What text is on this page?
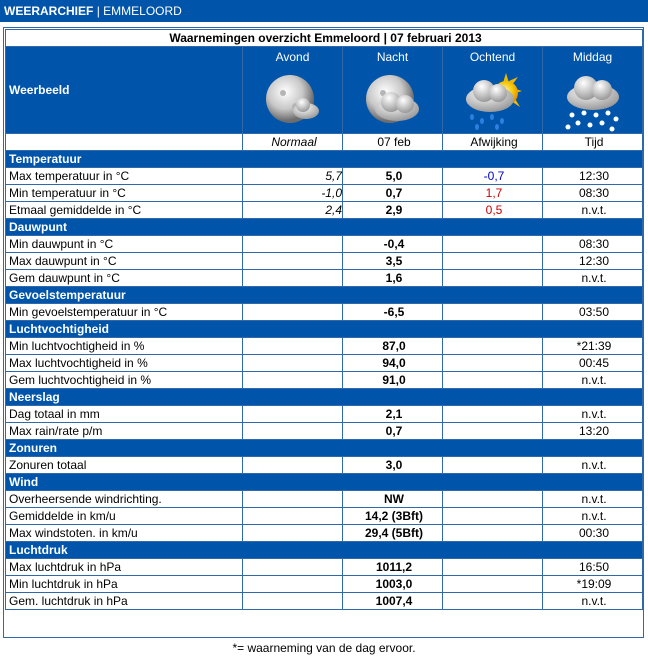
WEERARCHIEF | EMMELOORD
Waarnemingen overzicht Emmeloord | 07 februari 2013				
Weerbeeld	Avond	Nacht	Ochtend	Middag

	Normaal	07 feb	Afwijking	Tijd
Temperatuur				
Max temperatuur in °C	5,7	5,0	-0,7	12:30
Min temperatuur in °C	-1,0	0,7	1,7	08:30
Etmaal gemiddelde in °C	2,4	2,9	0,5	n.v.t.
Dauwpunt				
Min dauwpunt in °C		-0,4		08:30
Max dauwpunt in °C		3,5		12:30
Gem dauwpunt in °C		1,6		n.v.t.
Gevoelstemperatuur				
Min gevoelstemperatuur in °C		-6,5		03:50
Luchtvochtigheid				
Min luchtvochtigheid in %		87,0		*21:39
Max luchtvochtigheid in %		94,0		00:45
Gem luchtvochtigheid in %		91,0		n.v.t.
Neerslag				
Dag totaal in mm		2,1		n.v.t.
Max rain/rate p/m		0,7		13:20
Zonuren				
Zonuren totaal		3,0		n.v.t.
Wind				
Overheersende windrichting.		NW		n.v.t.
Gemiddelde in km/u		14,2 (3Bft)		n.v.t.
Max windstoten. in km/u		29,4 (5Bft)		00:30
Luchtdruk				
Max luchtdruk in hPa		1011,2		16:50
Min luchtdruk in hPa		1003,0		*19:09
Gem. luchtdruk in hPa		1007,4		n.v.t.
*= waarneming van de dag ervoor.
